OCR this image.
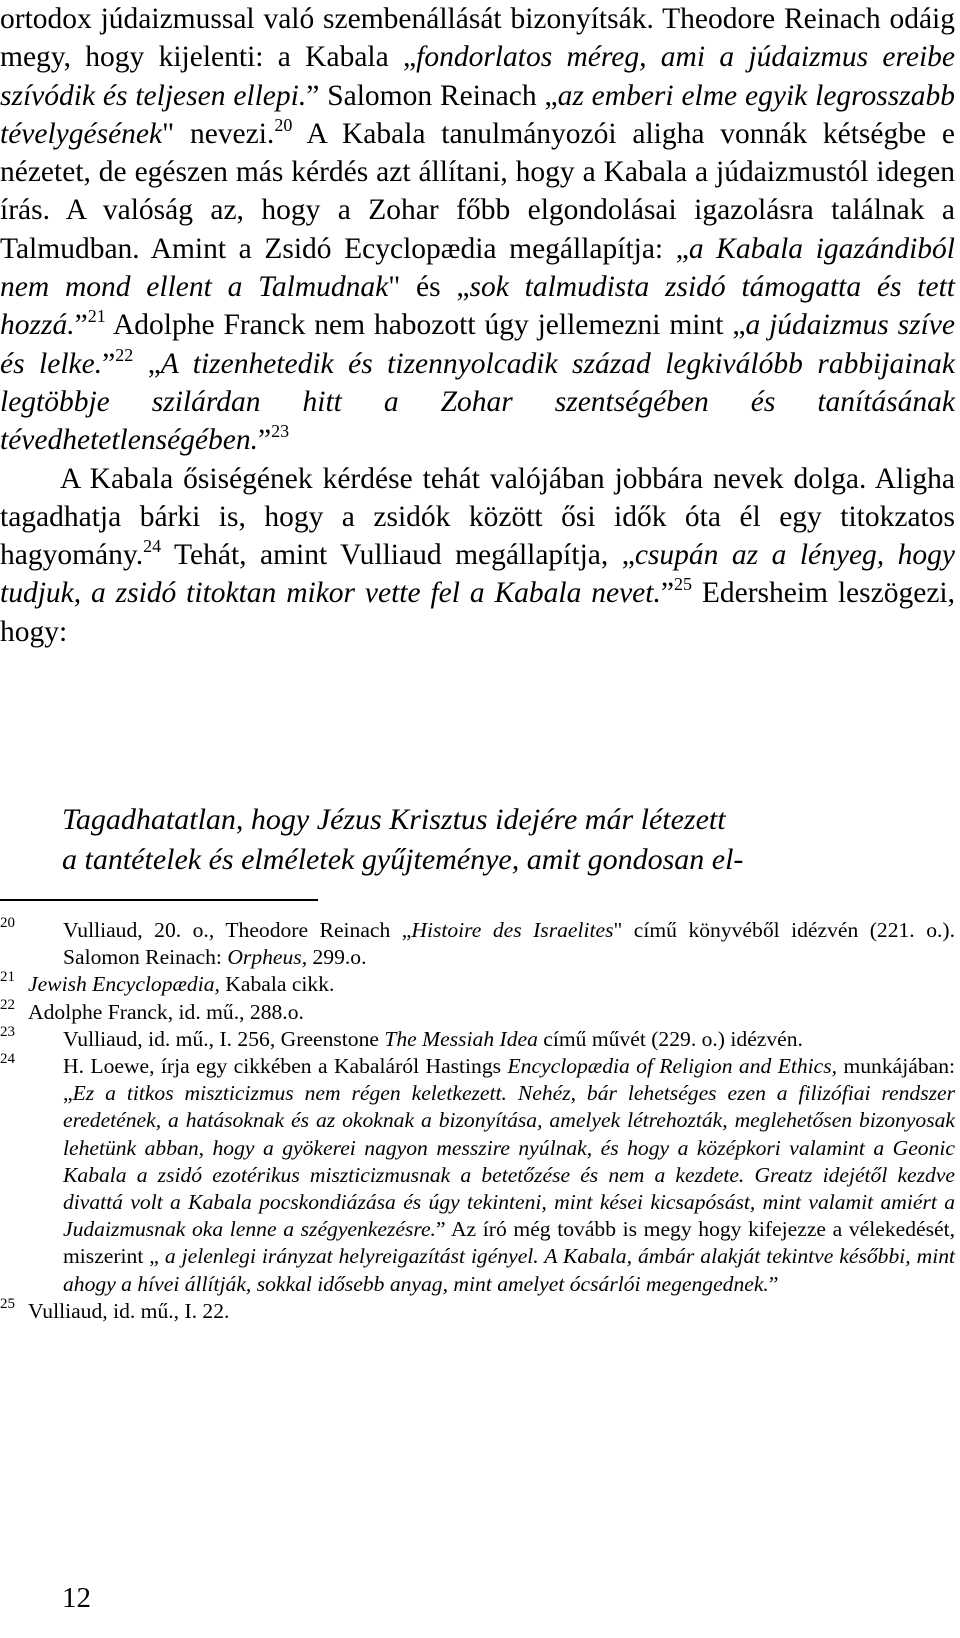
ortodox júdaizmussal való szembenállását bizonyítsák. Theodore Reinach odáig megy, hogy kijelenti: a Kabala „fondorlatos méreg, ami a júdaizmus ereibe szívódik és teljesen ellepi.” Salomon Reinach „az emberi elme egyik legrosszabb tévelygésének" nevezi.$^{20}$ A Kabala tanulmányozói aligha vonnák kétségbe e nézetet, de egészen más kérdés azt állítani, hogy a Kabala a júdaizmustól idegen írás. A valóság az, hogy a Zohar főbb elgondolásai igazolásra találnak a Talmudban. Amint a Zsidó Ecyclopædia megállapítja: „a Kabala igazándiból nem mond ellent a Talmudnak" és „sok talmudista zsidó támogatta és tett hozzá.”$^{21}$ Adolphe Franck nem habozott úgy jellemezni mint „a júdaizmus szíve és lelke.”$^{22}$ „A tizenhetedik és tizennyolcadik század legkiválóbb rabbijainak legtöbbje szilárdan hitt a Zohar szentségében és tanításának tévedhetetlenségében.”$^{23}$

A Kabala ősiségének kérdése tehát valójában jobbára nevek dolga. Aligha tagadhatja bárki is, hogy a zsidók között ősi idők óta él egy titokzatos hagyomány.$^{24}$ Tehát, amint Vulliaud megállapítja, „csupán az a lényeg, hogy tudjuk, a zsidó titoktan mikor vette fel a Kabala nevet.”$^{25}$ Edersheim leszögezi, hogy:

Tagadhatatlan, hogy Jézus Krisztus idejére már létezett

a tantételek és elméletek gyűjteménye, amit gondosan el-

20 Vulliaud, 20. o., Theodore Reinach „Histoire des Israelites" című könyvéből idézvén (221. o.). Salomon Reinach: Orpheus, 299.o.

21 Jewish Encyclopædia, Kabala cikk.

22 Adolphe Franck, id. mű., 288.o.

23 Vulliaud, id. mű., I. 256, Greenstone The Messiah Idea című művét (229. o.) idézvén.

24 H. Loewe, írja egy cikkében a Kabaláról Hastings Encyclopædia of Religion and Ethics, munkájában: „Ez a titkos miszticizmus nem régen keletkezett. Nehéz, bár lehetséges ezen a filizófiai rendszer eredetének, a hatásoknak és az okoknak a bizonyítása, amelyek létrehozták, meglehetősen bizonyosak lehetünk abban, hogy a gyökerei nagyon messzire nyúlnak, és hogy a középkori valamint a Geonic Kabala a zsidó ezotérikus miszticizmusnak a betetőzése és nem a kezdete. Greatz idejétől kezdve divattá volt a Kabala pocskondiázása és úgy tekinteni, mint kései kicsapósást, mint valamit amiért a Judaizmusnak oka lenne a szégyenkezésre.” Az író még tovább is megy hogy kifejezze a vélekedését, miszerint „ a jelenlegi irányzat helyreigazítást igényel. A Kabala, ámbár alakját tekintve későbbi, mint ahogy a hívei állítják, sokkal idősebb anyag, mint amelyet ócsárlói megengednek.”

25 Vulliaud, id. mű., I. 22.

12
